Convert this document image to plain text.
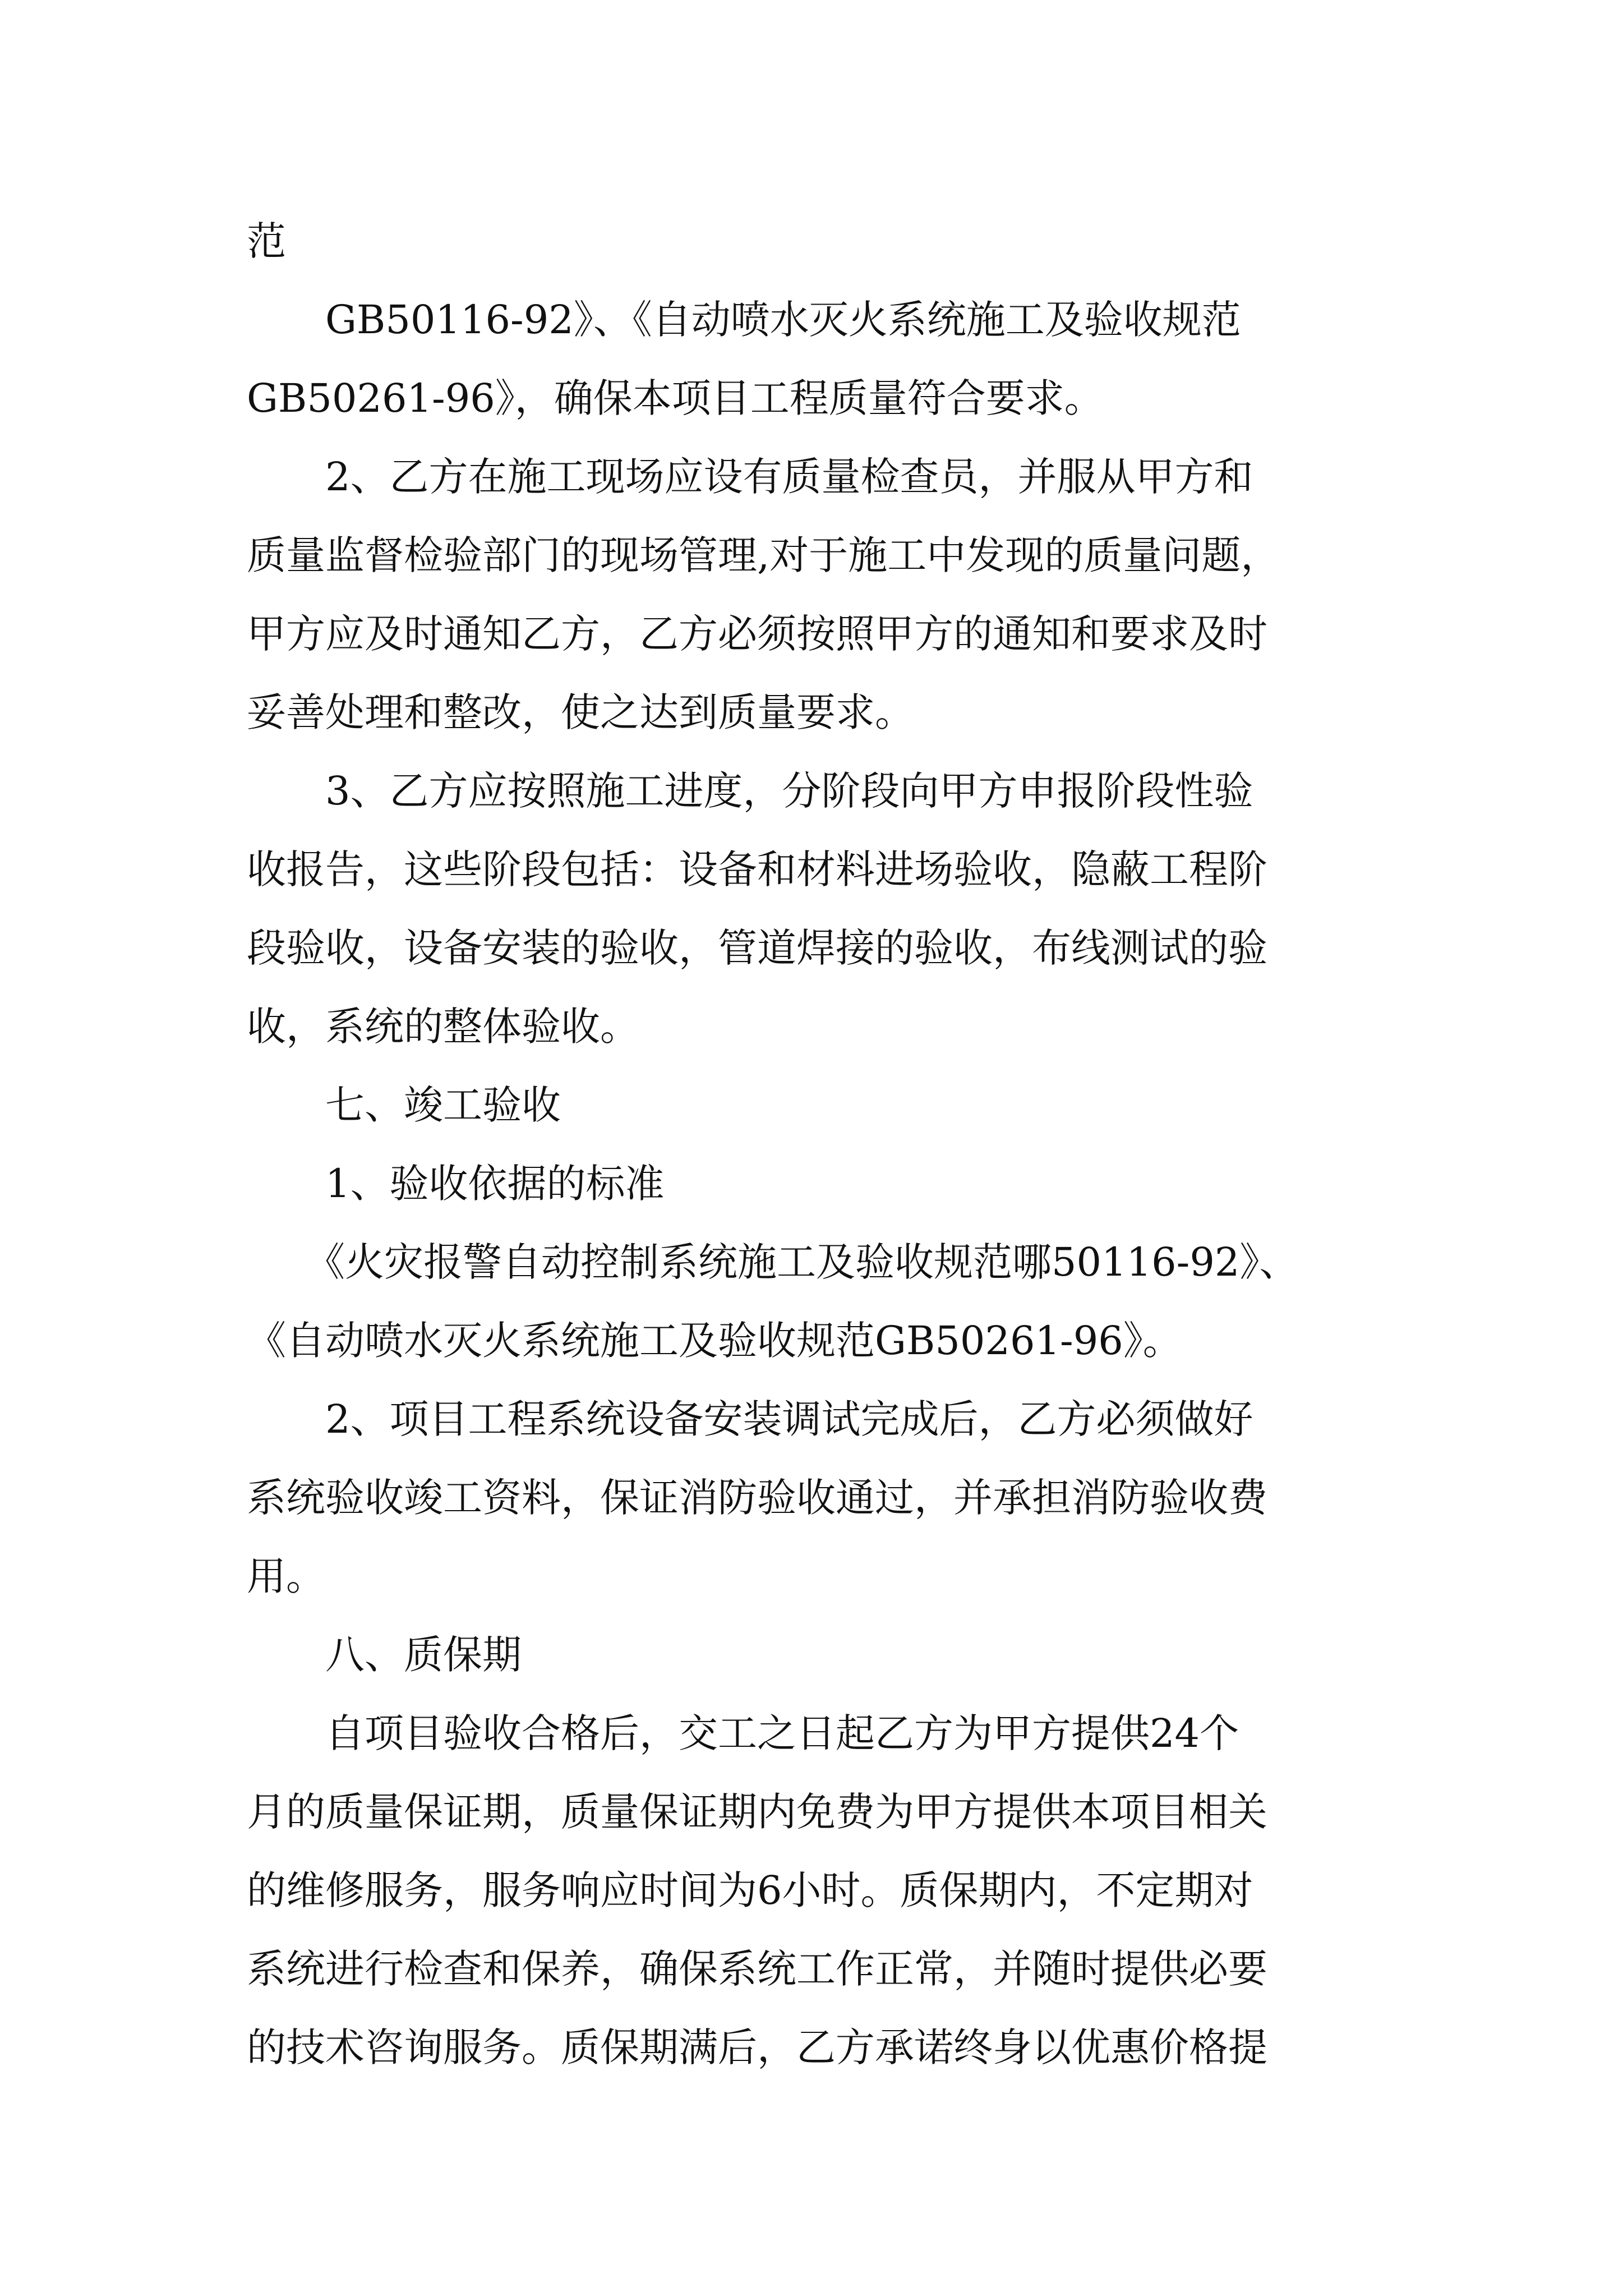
范
　　GB50116-92》、《自动喷水灭火系统施工及验收规范
GB50261-96》，确保本项目工程质量符合要求。
　　2、乙方在施工现场应设有质量检查员，并服从甲方和
质量监督检验部门的现场管理,对于施工中发现的质量问题，
甲方应及时通知乙方，乙方必须按照甲方的通知和要求及时
妥善处理和整改，使之达到质量要求。
　　3、乙方应按照施工进度，分阶段向甲方申报阶段性验
收报告，这些阶段包括：设备和材料进场验收，隐蔽工程阶
段验收，设备安装的验收，管道焊接的验收，布线测试的验
收，系统的整体验收。
　　七、竣工验收
　　1、验收依据的标准
　　《火灾报警自动控制系统施工及验收规范哪50116-92》、
《自动喷水灭火系统施工及验收规范GB50261-96》。
　　2、项目工程系统设备安装调试完成后，乙方必须做好
系统验收竣工资料，保证消防验收通过，并承担消防验收费
用。
　　八、质保期
　　自项目验收合格后，交工之日起乙方为甲方提供24个
月的质量保证期，质量保证期内免费为甲方提供本项目相关
的维修服务，服务响应时间为6小时。质保期内，不定期对
系统进行检查和保养，确保系统工作正常，并随时提供必要
的技术咨询服务。质保期满后，乙方承诺终身以优惠价格提
